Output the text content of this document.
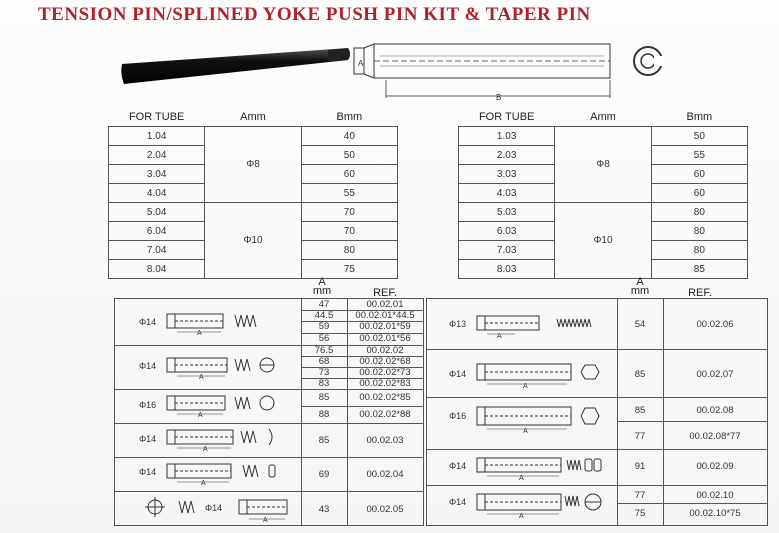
TENSION PIN/SPLINED YOKE PUSH PIN KIT & TAPER PIN
A
B
FOR TUBE	Amm	Bmm
1.04	Φ8	40
2.04		50
3.04		60
4.04		55
5.04	Φ10	70
6.04		70
7.04		80
8.04		75
FOR TUBE	Amm	Bmm
1.03	Φ8	50
2.03		55
3.03		60
4.03		60
5.03	Φ10	80
6.03		80
7.03		80
8.03		85
A
mm	REF.
A
mm	REF.
Φ14
A
47	00.02.01
44.5	00.02.01*44.5
59	00.02.01*59
56	00.02.01*56
Φ14
A
76.5	00.02.02
68	00.02.02*68
73	00.02.02*73
83	00.02.02*83
Φ16
A
85	00.02.02*85
88	00.02.02*88
Φ14
A
85	00.02.03
Φ14
A
69	00.02.04
A
Φ14	43	00.02.05
Φ13
A
54	00.02.06
Φ14
A
85	00.02.07
Φ16
A
85	00.02.08
77	00.02.08*77
Φ14
A
91	00.02.09
Φ14
A
77	00.02.10
75	00.02.10*75
